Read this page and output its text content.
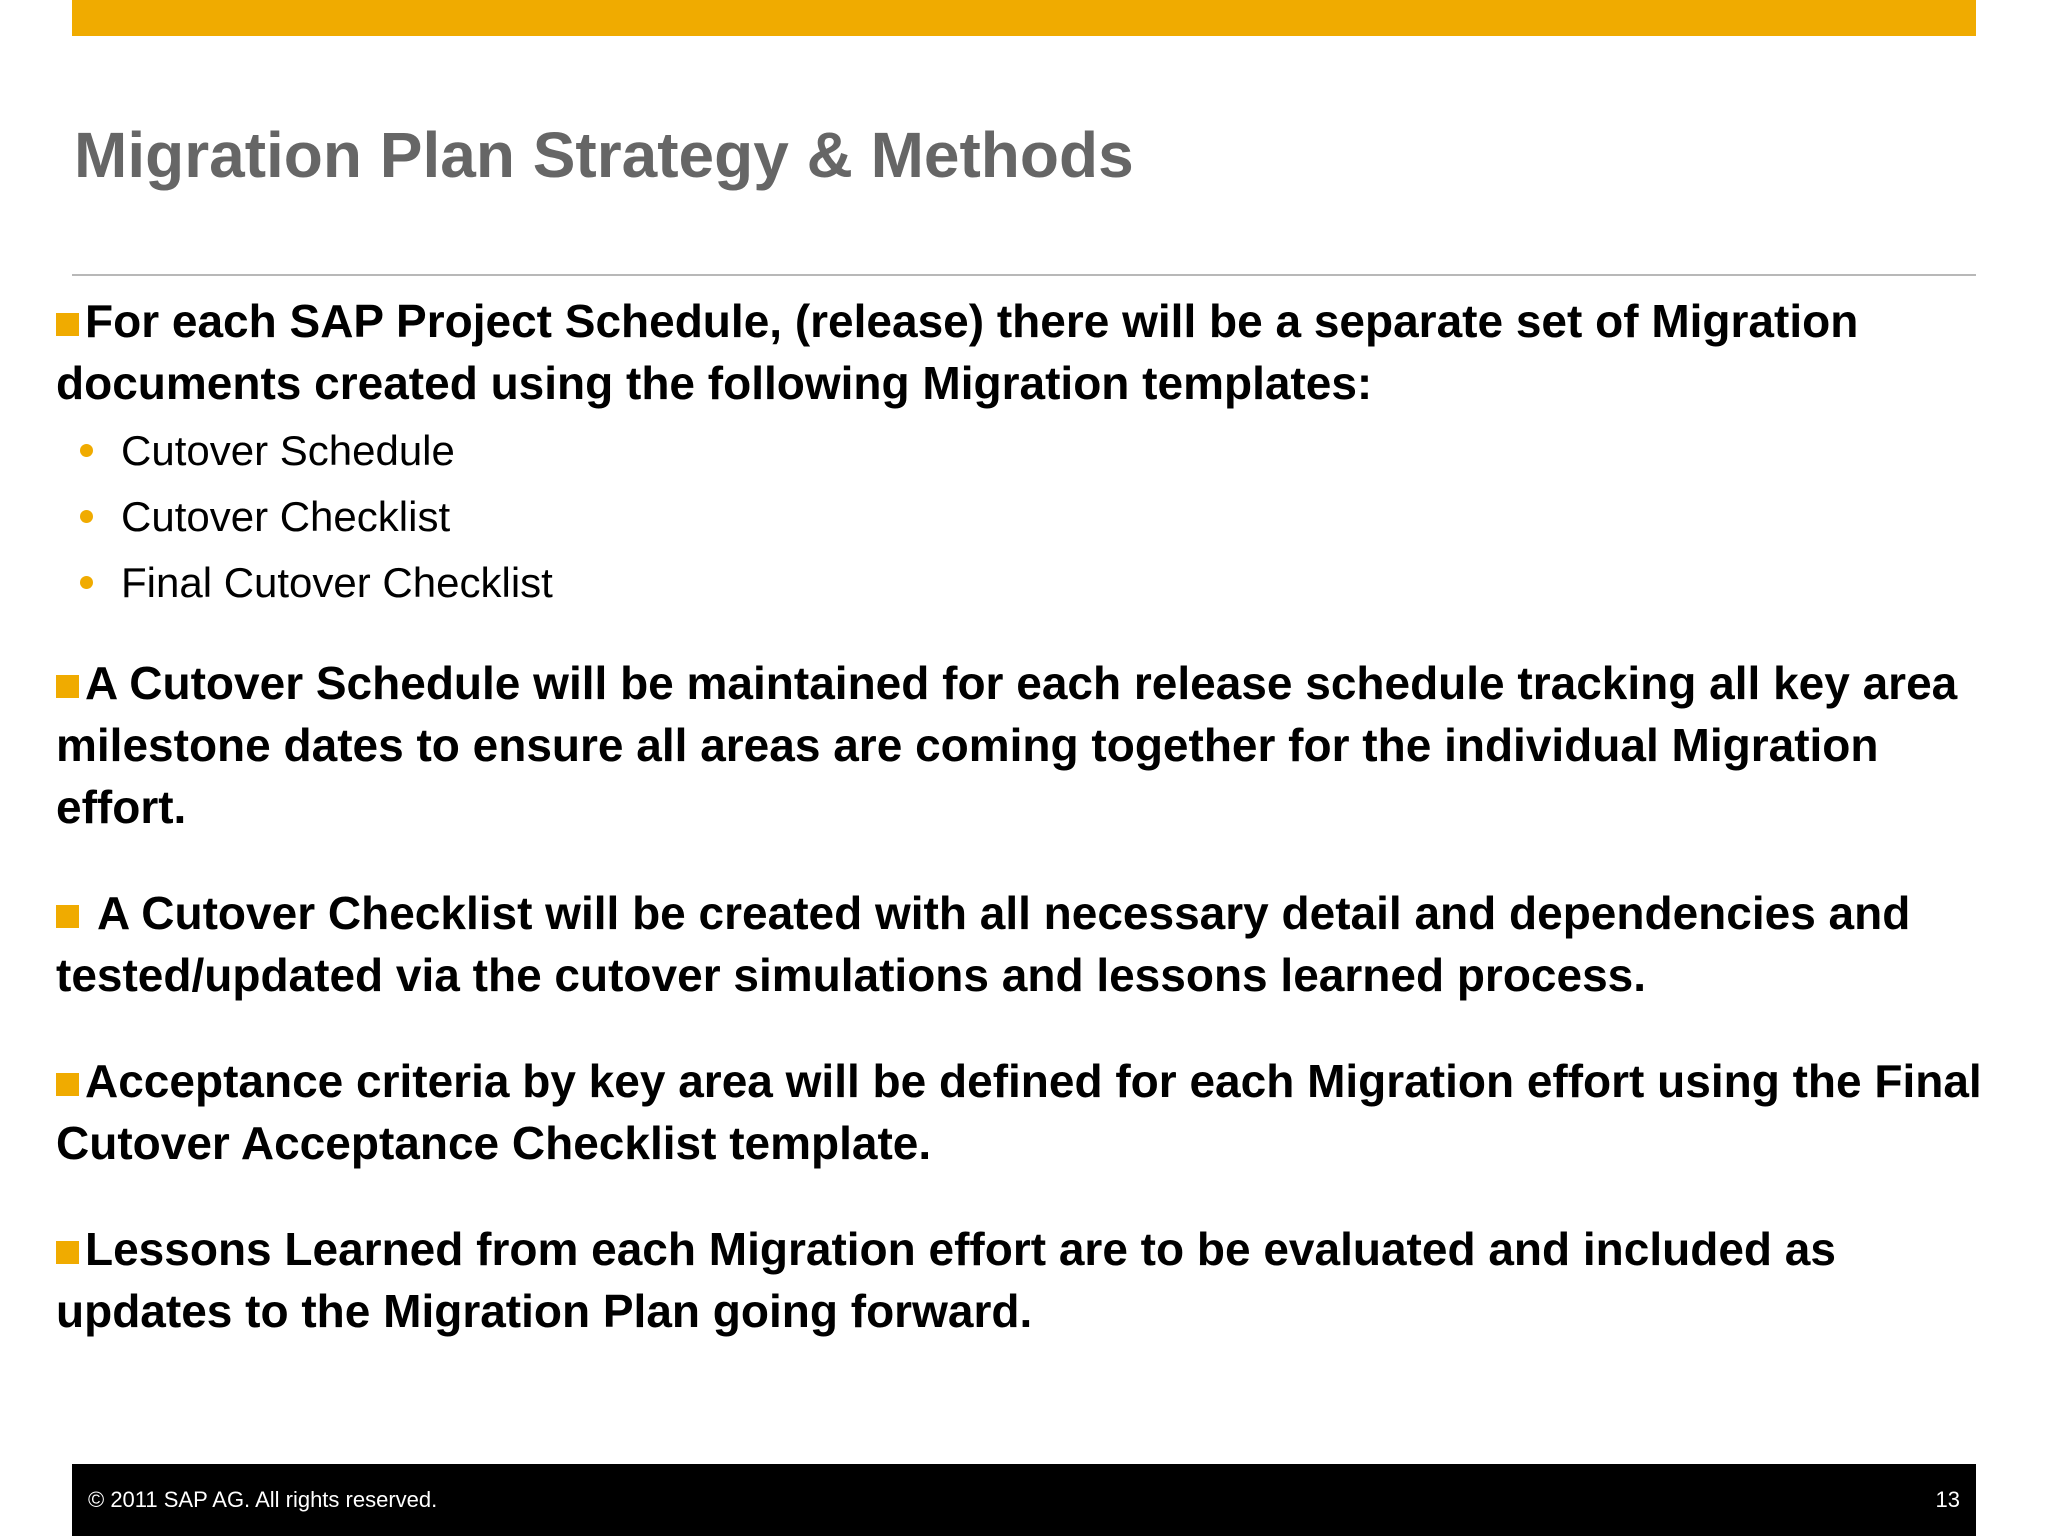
Migration Plan Strategy & Methods

For each SAP Project Schedule, (release) there will be a separate set of Migration documents created using the following Migration templates:

Cutover Schedule
Cutover Checklist
Final Cutover Checklist

A Cutover Schedule will be maintained for each release schedule tracking all key area milestone dates to ensure all areas are coming together for the individual Migration effort.

A Cutover Checklist will be created with all necessary detail and dependencies and tested/updated via the cutover simulations and lessons learned process.

Acceptance criteria by key area will be defined for each Migration effort using the Final Cutover Acceptance Checklist template.

Lessons Learned from each Migration effort are to be evaluated and included as updates to the Migration Plan going forward.

© 2011 SAP AG. All rights reserved.	13
